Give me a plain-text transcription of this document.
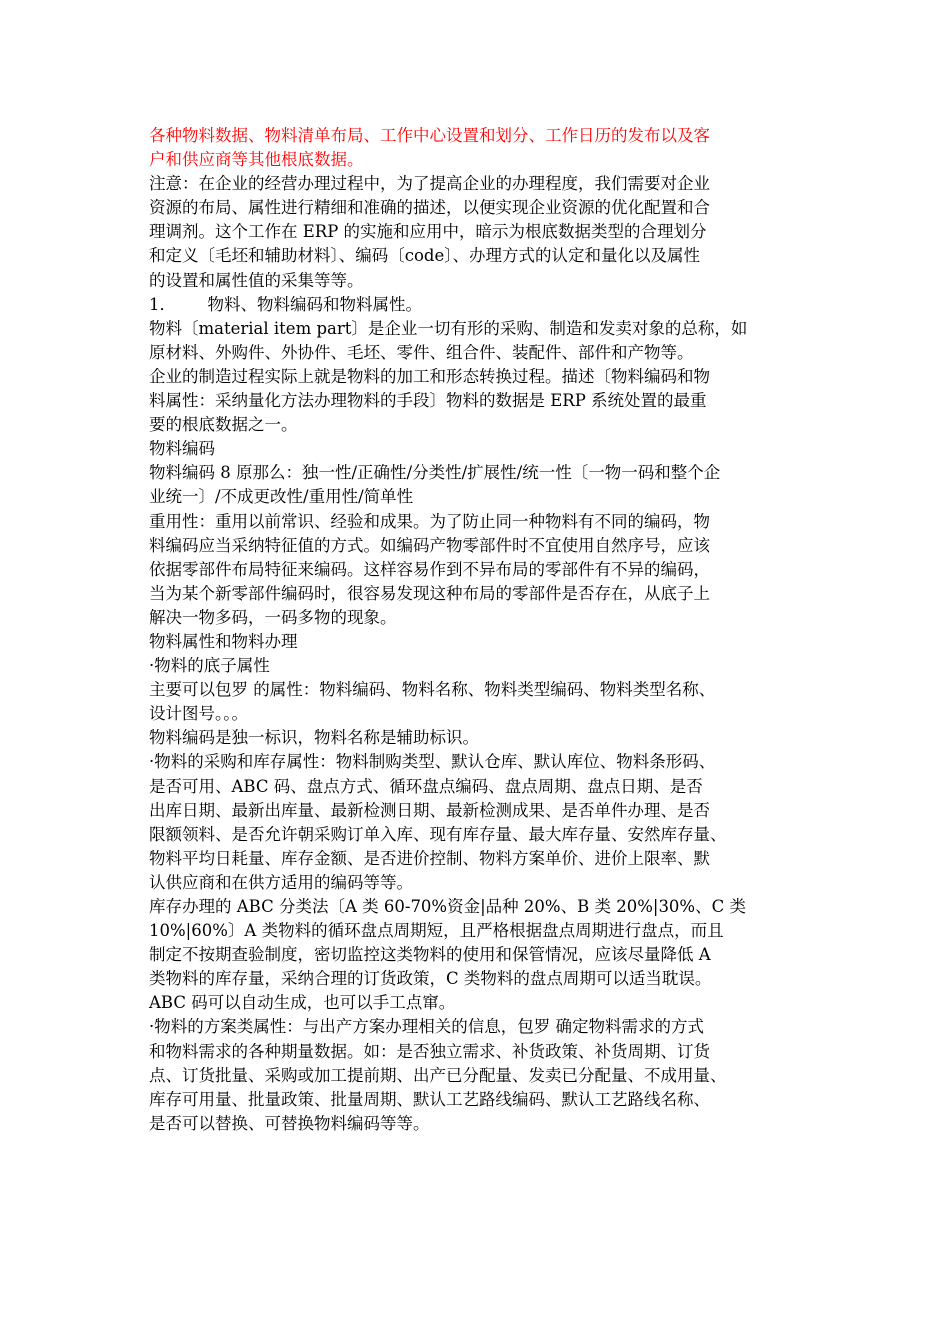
各种物料数据、物料清单布局、工作中心设置和划分、工作日历的发布以及客
户和供应商等其他根底数据。
注意：在企业的经营办理过程中，为了提高企业的办理程度，我们需要对企业
资源的布局、属性进行精细和准确的描述，以便实现企业资源的优化配置和合
理调剂。这个工作在 ERP 的实施和应用中，暗示为根底数据类型的合理划分
和定义〔毛坯和辅助材料〕、编码〔code〕、办理方式的认定和量化以及属性
的设置和属性值的采集等等。
1．      物料、物料编码和物料属性。
物料〔material item part〕是企业一切有形的采购、制造和发卖对象的总称，如
原材料、外购件、外协件、毛坯、零件、组合件、装配件、部件和产物等。
企业的制造过程实际上就是物料的加工和形态转换过程。描述〔物料编码和物
料属性：采纳量化方法办理物料的手段〕物料的数据是 ERP 系统处置的最重
要的根底数据之一。
物料编码
物料编码 8 原那么：独一性/正确性/分类性/扩展性/统一性〔一物一码和整个企
业统一〕/不成更改性/重用性/简单性
重用性：重用以前常识、经验和成果。为了防止同一种物料有不同的编码，物
料编码应当采纳特征值的方式。如编码产物零部件时不宜使用自然序号，应该
依据零部件布局特征来编码。这样容易作到不异布局的零部件有不异的编码，
当为某个新零部件编码时，很容易发现这种布局的零部件是否存在，从底子上
解决一物多码，一码多物的现象。
物料属性和物料办理
·物料的底子属性
主要可以包罗 的属性：物料编码、物料名称、物料类型编码、物料类型名称、
设计图号。。。
物料编码是独一标识，物料名称是辅助标识。
·物料的采购和库存属性：物料制购类型、默认仓库、默认库位、物料条形码、
是否可用、ABC 码、盘点方式、循环盘点编码、盘点周期、盘点日期、是否
出库日期、最新出库量、最新检测日期、最新检测成果、是否单件办理、是否
限额领料、是否允许朝采购订单入库、现有库存量、最大库存量、安然库存量、
物料平均日耗量、库存金额、是否进价控制、物料方案单价、进价上限率、默
认供应商和在供方适用的编码等等。
库存办理的 ABC 分类法〔A 类 60-70%资金|品种 20%、B 类 20%|30%、C 类
10%|60%〕A 类物料的循环盘点周期短，且严格根据盘点周期进行盘点，而且
制定不按期查验制度，密切监控这类物料的使用和保管情况，应该尽量降低 A
类物料的库存量，采纳合理的订货政策，C 类物料的盘点周期可以适当耽误。
ABC 码可以自动生成，也可以手工点窜。
·物料的方案类属性：与出产方案办理相关的信息，包罗 确定物料需求的方式
和物料需求的各种期量数据。如：是否独立需求、补货政策、补货周期、订货
点、订货批量、采购或加工提前期、出产已分配量、发卖已分配量、不成用量、
库存可用量、批量政策、批量周期、默认工艺路线编码、默认工艺路线名称、
是否可以替换、可替换物料编码等等。
